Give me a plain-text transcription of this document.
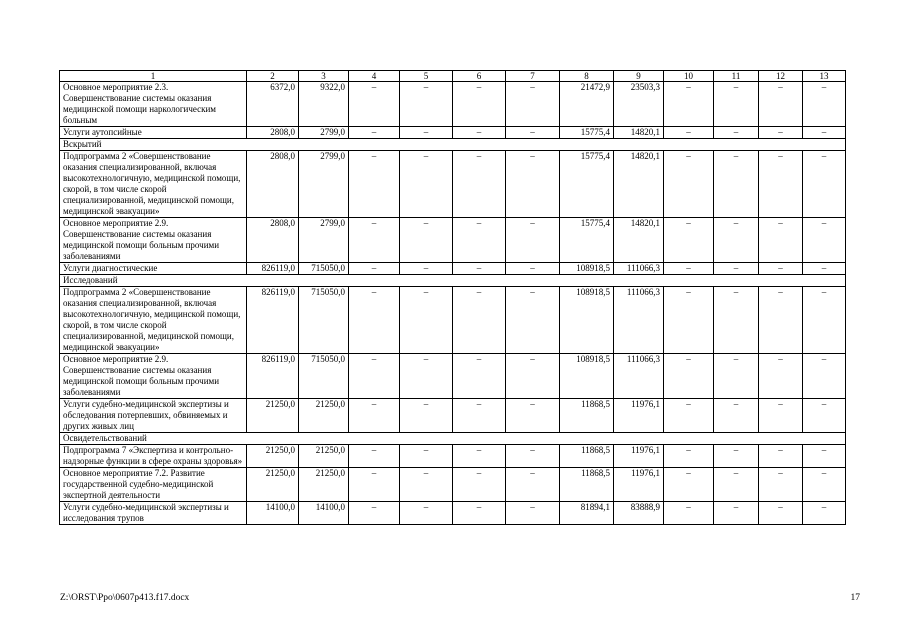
1	2	3	4	5	6	7	8	9	10	11	12	13
Основное мероприятие 2.3. Совершенствование системы оказания медицинской помощи наркологическим больным	6372,0	9322,0	–	–	–	–	21472,9	23503,3	–	–	–	–
Услуги аутопсийные	2808,0	2799,0	–	–	–	–	15775,4	14820,1	–	–	–	–
Вскрытий												
Подпрограмма 2 «Совершенствование оказания специализированной, включая высокотехнологичную, медицинской помощи, скорой, в том числе скорой специализированной, медицинской помощи, медицинской эвакуации»	2808,0	2799,0	–	–	–	–	15775,4	14820,1	–	–	–	–
Основное мероприятие 2.9. Совершенствование системы оказания медицинской помощи больным прочими заболеваниями	2808,0	2799,0	–	–	–	–	15775,4	14820,1	–	–	–	–
Услуги диагностические	826119,0	715050,0	–	–	–	–	108918,5	111066,3	–	–	–	–
Исследований												
Подпрограмма 2 «Совершенствование оказания специализированной, включая высокотехнологичную, медицинской помощи, скорой, в том числе скорой специализированной, медицинской помощи, медицинской эвакуации»	826119,0	715050,0	–	–	–	–	108918,5	111066,3	–	–	–	–
Основное мероприятие 2.9. Совершенствование системы оказания медицинской помощи больным прочими заболеваниями	826119,0	715050,0	–	–	–	–	108918,5	111066,3	–	–	–	–
Услуги судебно-медицинской экспертизы и обследования потерпевших, обвиняемых и других живых лиц	21250,0	21250,0	–	–	–	–	11868,5	11976,1	–	–	–	–
Освидетельствований												
Подпрограмма 7 «Экспертиза и контрольно-надзорные функции в сфере охраны здоровья»	21250,0	21250,0	–	–	–	–	11868,5	11976,1	–	–	–	–
Основное мероприятие 7.2. Развитие государственной судебно-медицинской экспертной деятельности	21250,0	21250,0	–	–	–	–	11868,5	11976,1	–	–	–	–
Услуги судебно-медицинской экспертизы и исследования трупов	14100,0	14100,0	–	–	–	–	81894,1	83888,9	–	–	–	–
Z:\ORST\Ppo\0607p413.f17.docx	17
